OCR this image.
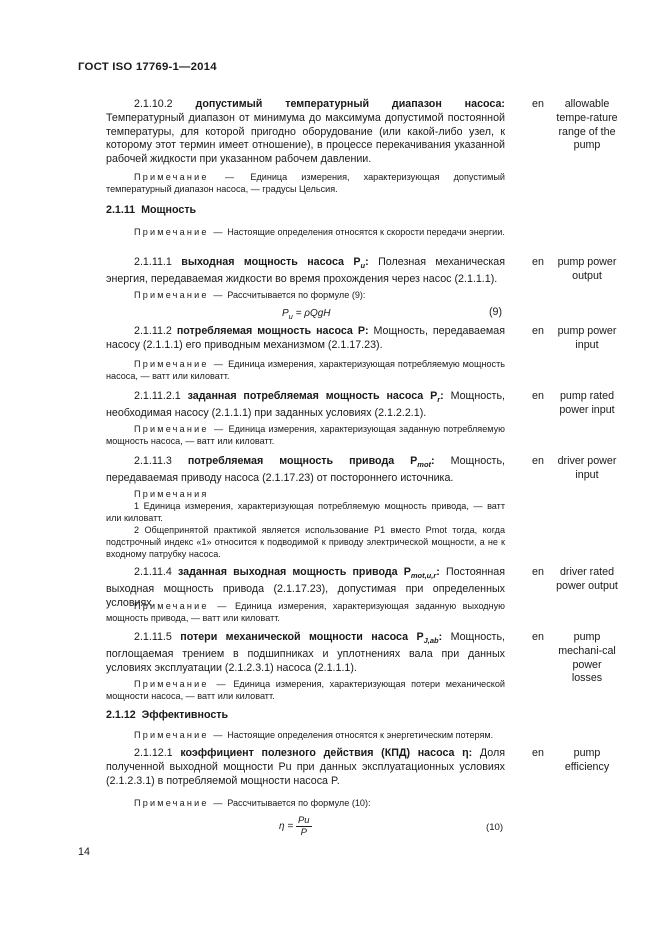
ГОСТ ISO 17769-1—2014
2.1.10.2 допустимый температурный диапазон насоса: Температурный диапазон от минимума до максимума допустимой постоянной температуры, для которой пригодно оборудование (или какой-либо узел, к которому этот термин имеет отношение), в процессе перекачивания указанной рабочей жидкости при указанном рабочем давлении.
Примечание — Единица измерения, характеризующая допустимый температурный диапазон насоса, — градусы Цельсия.
en	allowable tempe-rature range of the pump
2.1.11 Мощность
Примечание — Настоящие определения относятся к скорости передачи энергии.
2.1.11.1 выходная мощность насоса $P_u$: Полезная механическая энергия, передаваемая жидкости во время прохождения через насос (2.1.1.1).
Примечание — Рассчитывается по формуле (9):
$P_u = \rho QgH$	(9)
en	pump power output
2.1.11.2 потребляемая мощность насоса P: Мощность, передаваемая насосу (2.1.1.1) его приводным механизмом (2.1.17.23).
Примечание — Единица измерения, характеризующая потребляемую мощность насоса, — ватт или киловатт.
en	pump power input
2.1.11.2.1 заданная потребляемая мощность насоса $P_r$: Мощность, необходимая насосу (2.1.1.1) при заданных условиях (2.1.2.2.1).
Примечание — Единица измерения, характеризующая заданную потребляемую мощность насоса, — ватт или киловатт.
en	pump rated power input
2.1.11.3 потребляемая мощность привода $P_{mot}$: Мощность, передаваемая приводу насоса (2.1.17.23) от постороннего источника.
Примечания
1 Единица измерения, характеризующая потребляемую мощность привода, — ватт или киловатт.
2 Общепринятой практикой является использование P1 вместо Pmot тогда, когда подстрочный индекс «1» относится к подводимой к приводу электрической мощности, а не к входному патрубку насоса.
en	driver power input
2.1.11.4 заданная выходная мощность привода $P_{mot,u,r}$: Постоянная выходная мощность привода (2.1.17.23), допустимая при определенных условиях.
Примечание — Единица измерения, характеризующая заданную выходную мощность привода, — ватт или киловатт.
en	driver rated power output
2.1.11.5 потери механической мощности насоса $P_{J,ab}$: Мощность, поглощаемая трением в подшипниках и уплотнениях вала при данных условиях эксплуатации (2.1.2.3.1) насоса (2.1.1.1).
Примечание — Единица измерения, характеризующая потери механической мощности насоса, — ватт или киловатт.
en	pump mechani-cal power losses
2.1.12 Эффективность
Примечание — Настоящие определения относятся к энергетическим потерям.
2.1.12.1 коэффициент полезного действия (КПД) насоса η: Доля полученной выходной мощности Pu при данных эксплуатационных условиях (2.1.2.3.1) в потребляемой мощности насоса P.
Примечание — Рассчитывается по формуле (10):
$\eta = \frac{Pu}{P}$	(10)
en	pump efficiency
14
